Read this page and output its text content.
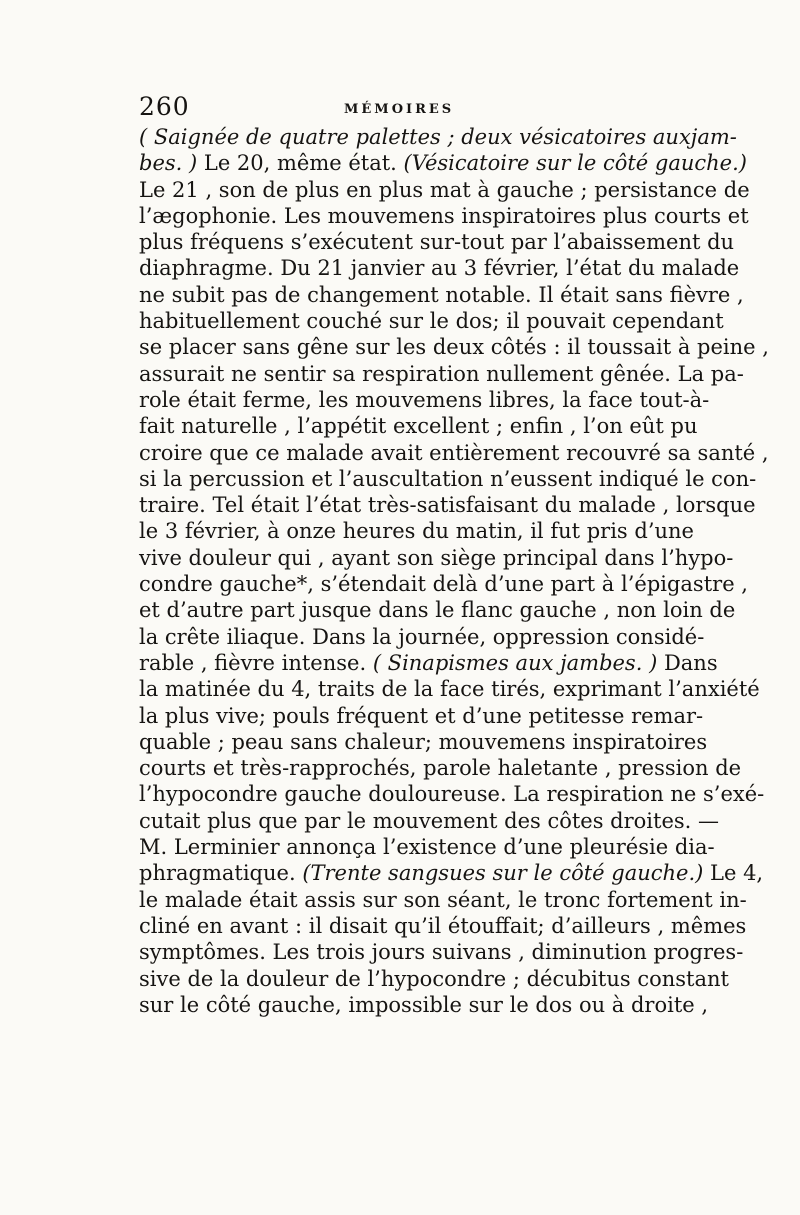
260	MÉMOIRES
( Saignée de quatre palettes ; deux vésicatoires auxjam-
bes. ) Le 20, même état. (Vésicatoire sur le côté gauche.)
Le 21 , son de plus en plus mat à gauche ; persistance de
l’ægophonie. Les mouvemens inspiratoires plus courts et
plus fréquens s’exécutent sur-tout par l’abaissement du
diaphragme. Du 21 janvier au 3 février, l’état du malade
ne subit pas de changement notable. Il était sans fièvre ,
habituellement couché sur le dos; il pouvait cependant
se placer sans gêne sur les deux côtés : il toussait à peine ,
assurait ne sentir sa respiration nullement gênée. La pa-
role était ferme, les mouvemens libres, la face tout-à-
fait naturelle , l’appétit excellent ; enfin , l’on eût pu
croire que ce malade avait entièrement recouvré sa santé ,
si la percussion et l’auscultation n’eussent indiqué le con-
traire. Tel était l’état très-satisfaisant du malade , lorsque
le 3 février, à onze heures du matin, il fut pris d’une
vive douleur qui , ayant son siège principal dans l’hypo-
condre gauche*, s’étendait delà d’une part à l’épigastre ,
et d’autre part jusque dans le flanc gauche , non loin de
la crête iliaque. Dans la journée, oppression considé-
rable , fièvre intense. ( Sinapismes aux jambes. ) Dans
la matinée du 4, traits de la face tirés, exprimant l’anxiété
la plus vive; pouls fréquent et d’une petitesse remar-
quable ; peau sans chaleur; mouvemens inspiratoires
courts et très-rapprochés, parole haletante , pression de
l’hypocondre gauche douloureuse. La respiration ne s’exé-
cutait plus que par le mouvement des côtes droites. —
M. Lerminier annonça l’existence d’une pleurésie dia-
phragmatique. (Trente sangsues sur le côté gauche.) Le 4,
le malade était assis sur son séant, le tronc fortement in-
cliné en avant : il disait qu’il étouffait; d’ailleurs , mêmes
symptômes. Les trois jours suivans , diminution progres-
sive de la douleur de l’hypocondre ; décubitus constant
sur le côté gauche, impossible sur le dos ou à droite ,
